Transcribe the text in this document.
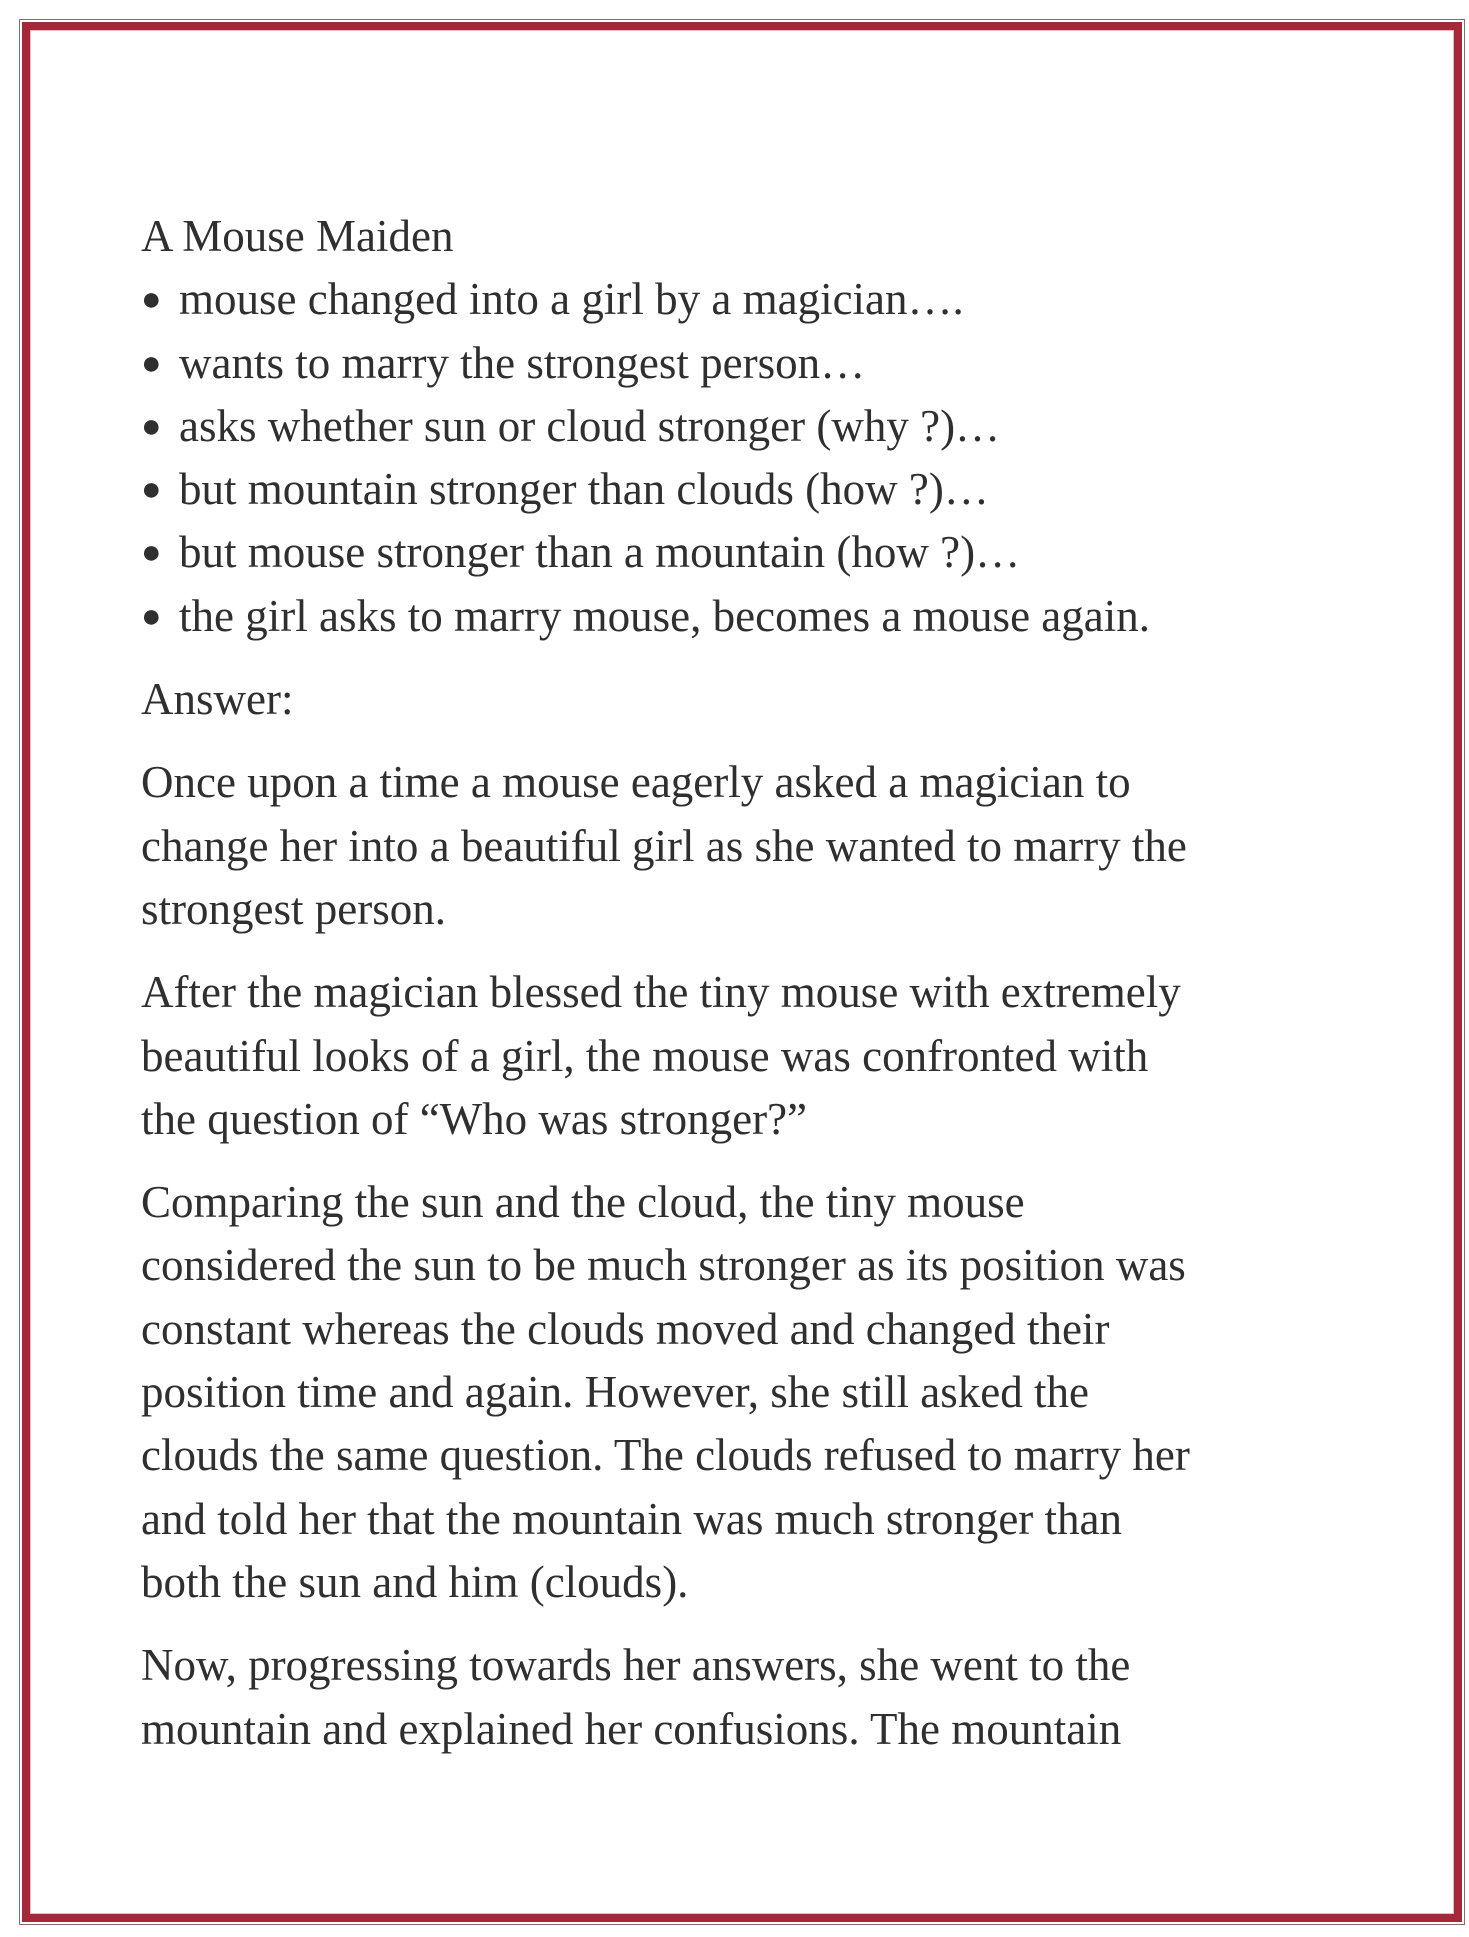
A Mouse Maiden
● mouse changed into a girl by a magician….
● wants to marry the strongest person…
● asks whether sun or cloud stronger (why ?)…
● but mountain stronger than clouds (how ?)…
● but mouse stronger than a mountain (how ?)…
● the girl asks to marry mouse, becomes a mouse again.
Answer:
Once upon a time a mouse eagerly asked a magician to
change her into a beautiful girl as she wanted to marry the
strongest person.
After the magician blessed the tiny mouse with extremely
beautiful looks of a girl, the mouse was confronted with
the question of “Who was stronger?”
Comparing the sun and the cloud, the tiny mouse
considered the sun to be much stronger as its position was
constant whereas the clouds moved and changed their
position time and again. However, she still asked the
clouds the same question. The clouds refused to marry her
and told her that the mountain was much stronger than
both the sun and him (clouds).
Now, progressing towards her answers, she went to the
mountain and explained her confusions. The mountain
